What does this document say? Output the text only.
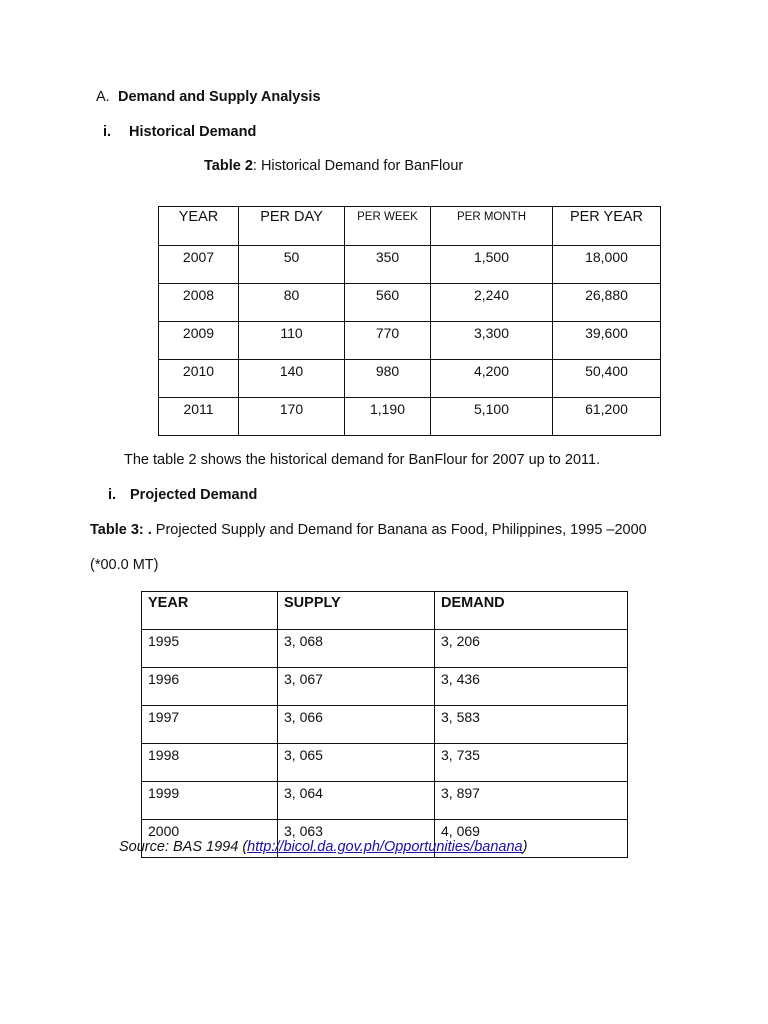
A. Demand and Supply Analysis
i. Historical Demand
Table 2: Historical Demand for BanFlour
YEAR	PER DAY	PER WEEK	PER MONTH	PER YEAR
2007	50	350	1,500	18,000
2008	80	560	2,240	26,880
2009	110	770	3,300	39,600
2010	140	980	4,200	50,400
2011	170	1,190	5,100	61,200
The table 2 shows the historical demand for BanFlour for 2007 up to 2011.
i. Projected Demand
Table 3: . Projected Supply and Demand for Banana as Food, Philippines, 1995 –2000
(*00.0 MT)
YEAR	SUPPLY	DEMAND
1995	3, 068	3, 206
1996	3, 067	3, 436
1997	3, 066	3, 583
1998	3, 065	3, 735
1999	3, 064	3, 897
2000	3, 063	4, 069
Source: BAS 1994 (http://bicol.da.gov.ph/Opportunities/banana)
